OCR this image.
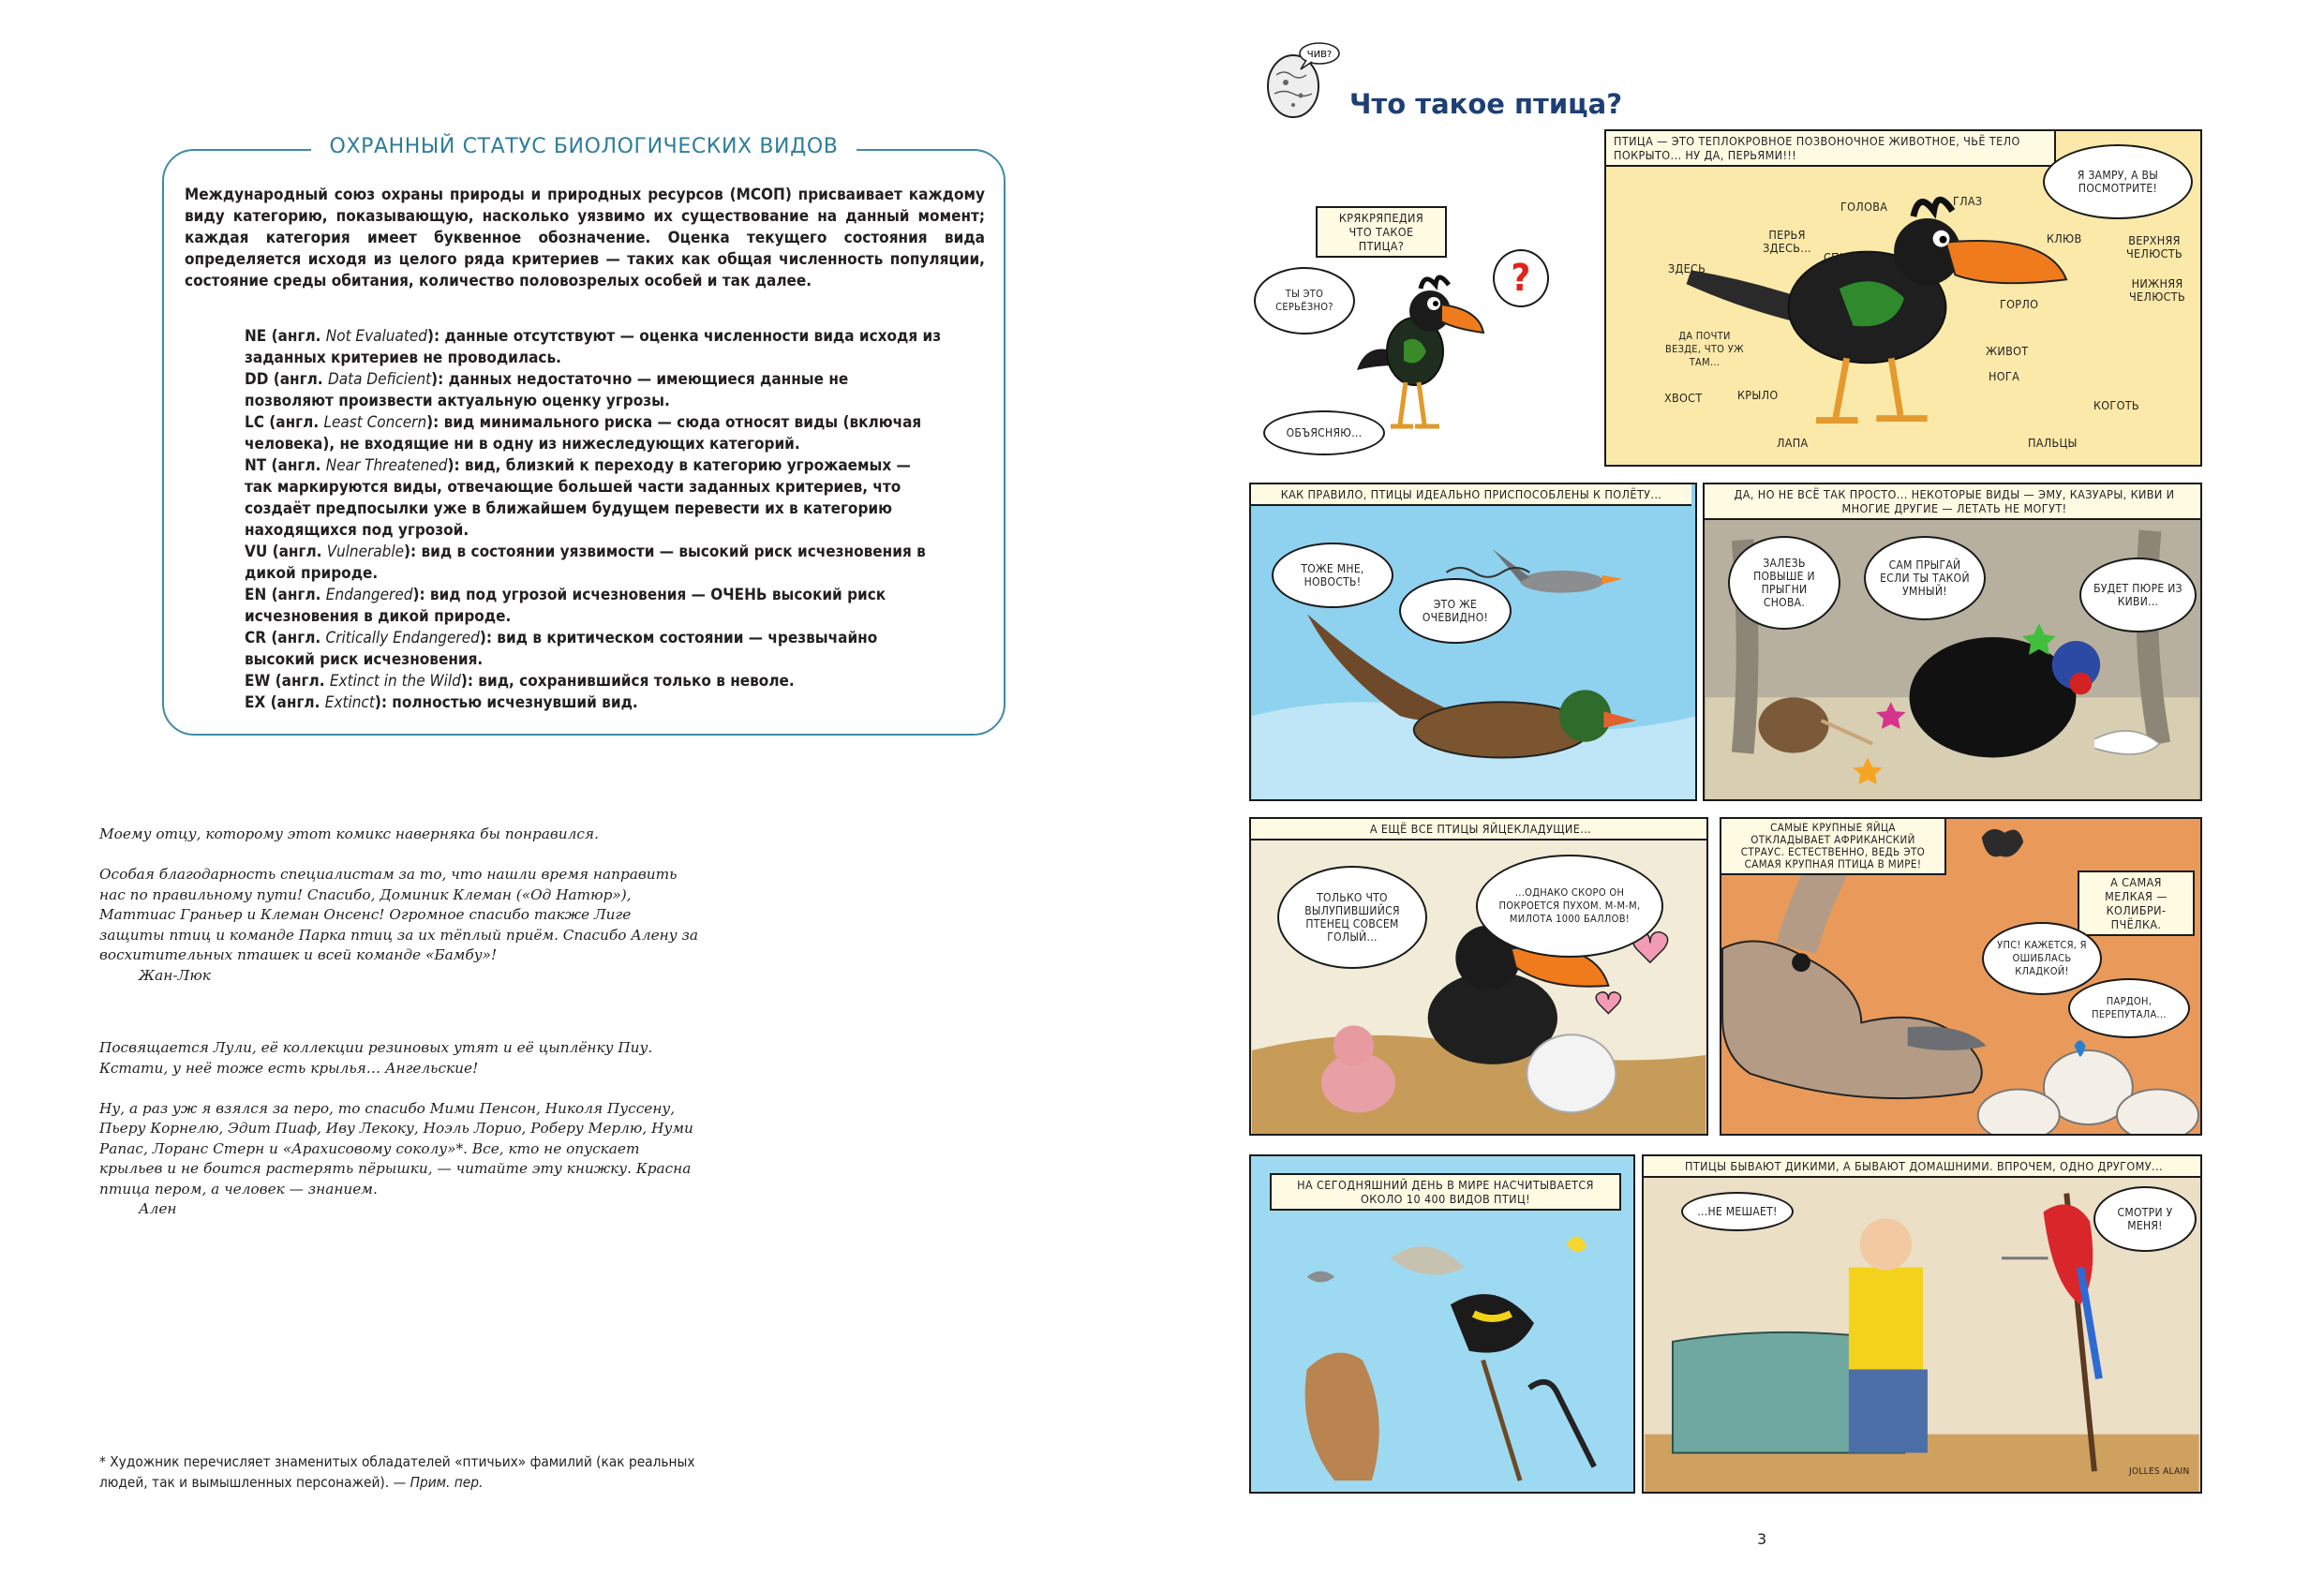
ОХРАННЫЙ СТАТУС БИОЛОГИЧЕСКИХ ВИДОВ

Международный союз охраны природы и природных ресурсов (МСОП) присваивает каждому виду категорию, показывающую, насколько уязвимо их существование на данный момент; каждая категория имеет буквенное обозначение. Оценка текущего состояния вида определяется исходя из целого ряда критериев — таких как общая численность популяции, состояние среды обитания, количество половозрелых особей и так далее.

NE (англ. Not Evaluated): данные отсутствуют — оценка численности вида исходя из заданных критериев не проводилась.
DD (англ. Data Deficient): данных недостаточно — имеющиеся данные не позволяют произвести актуальную оценку угрозы.
LC (англ. Least Concern): вид минимального риска — сюда относят виды (включая человека), не входящие ни в одну из нижеследующих категорий.
NT (англ. Near Threatened): вид, близкий к переходу в категорию угрожаемых — так маркируются виды, отвечающие большей части заданных критериев, что создаёт предпосылки уже в ближайшем будущем перевести их в категорию находящихся под угрозой.
VU (англ. Vulnerable): вид в состоянии уязвимости — высокий риск исчезновения в дикой природе.
EN (англ. Endangered): вид под угрозой исчезновения — ОЧЕНЬ высокий риск исчезновения в дикой природе.
CR (англ. Critically Endangered): вид в критическом состоянии — чрезвычайно высокий риск исчезновения.
EW (англ. Extinct in the Wild): вид, сохранившийся только в неволе.
EX (англ. Extinct): полностью исчезнувший вид.
Моему отцу, которому этот комикс наверняка бы понравился.

Особая благодарность специалистам за то, что нашли время направить нас по правильному пути! Спасибо, Доминик Клеман («Од Натюр»), Маттиас Граньер и Клеман Онсенс! Огромное спасибо также Лиге защиты птиц и команде Парка птиц за их тёплый приём. Спасибо Алену за восхитительных пташек и всей команде «Бамбу»!
Жан-Люк
Посвящается Лули, её коллекции резиновых утят и её цыплёнку Пиу. Кстати, у неё тоже есть крылья… Ангельские!

Ну, а раз уж я взялся за перо, то спасибо Мими Пенсон, Николя Пуссену, Пьеру Корнелю, Эдит Пиаф, Иву Лекоку, Ноэль Лорио, Роберу Мерлю, Нуми Рапас, Лоранс Стерн и «Арахисовому соколу»*. Все, кто не опускает крыльев и не боится растерять пёрышки, — читайте эту книжку. Красна птица пером, а человек — знанием.
Ален

* Художник перечисляет знаменитых обладателей «птичьих» фамилий (как реальных людей, так и вымышленных персонажей). — Прим. пер.

ЧИВ?
Что такое птица?
КРЯКРЯПЕДИЯ
ЧТО ТАКОЕ ПТИЦА?
ТЫ ЭТО СЕРЬЁЗНО?
?
ОБЪЯСНЯЮ...
ПТИЦА — ЭТО ТЕПЛОКРОВНОЕ ПОЗВОНОЧНОЕ ЖИВОТНОЕ, ЧЬЁ ТЕЛО ПОКРЫТО... НУ ДА, ПЕРЬЯМИ!!!
Я ЗАМРУ, А ВЫ ПОСМОТРИТЕ!
ГОЛОВА	ГЛАЗ
ПЕРЬЯ ЗДЕСЬ...
СПИНА
ЗДЕСЬ
ДА ПОЧТИ ВЕЗДЕ, ЧТО УЖ ТАМ...
КЛЮВ	ВЕРХНЯЯ ЧЕЛЮСТЬ
НИЖНЯЯ ЧЕЛЮСТЬ
ГОРЛО
ЖИВОТ
ХВОСТ	КРЫЛО
НОГА
КОГОТЬ
ЛАПА	ПАЛЬЦЫ
КАК ПРАВИЛО, ПТИЦЫ ИДЕАЛЬНО ПРИСПОСОБЛЕНЫ К ПОЛЁТУ...
ТОЖЕ МНЕ, НОВОСТЬ!
ЭТО ЖЕ ОЧЕВИДНО!
ДА, НО НЕ ВСЁ ТАК ПРОСТО... НЕКОТОРЫЕ ВИДЫ — ЭМУ, КАЗУАРЫ, КИВИ И МНОГИЕ ДРУГИЕ — ЛЕТАТЬ НЕ МОГУТ!
ЗАЛЕЗЬ ПОВЫШЕ И ПРЫГНИ СНОВА.
САМ ПРЫГАЙ ЕСЛИ ТЫ ТАКОЙ УМНЫЙ!	БУДЕТ ПЮРЕ ИЗ КИВИ...
А ЕЩЁ ВСЕ ПТИЦЫ ЯЙЦЕКЛАДУЩИЕ...
ТОЛЬКО ЧТО ВЫЛУПИВШИЙСЯ ПТЕНЕЦ СОВСЕМ ГОЛЫЙ...
...ОДНАКО СКОРО ОН ПОКРОЕТСЯ ПУХОМ. М-М-М, МИЛОТА 1000 БАЛЛОВ!
САМЫЕ КРУПНЫЕ ЯЙЦА ОТКЛАДЫВАЕТ АФРИКАНСКИЙ СТРАУС. ЕСТЕСТВЕННО, ВЕДЬ ЭТО САМАЯ КРУПНАЯ ПТИЦА В МИРЕ!
А САМАЯ МЕЛКАЯ — КОЛИБРИ-ПЧЁЛКА.
УПС! КАЖЕТСЯ, Я ОШИБЛАСЬ КЛАДКОЙ!
ПАРДОН, ПЕРЕПУТАЛА...
НА СЕГОДНЯШНИЙ ДЕНЬ В МИРЕ НАСЧИТЫВАЕТСЯ ОКОЛО 10 400 ВИДОВ ПТИЦ!
ПТИЦЫ БЫВАЮТ ДИКИМИ, А БЫВАЮТ ДОМАШНИМИ. ВПРОЧЕМ, ОДНО ДРУГОМУ...
...НЕ МЕШАЕТ!	СМОТРИ У МЕНЯ!
JOLLES ALAIN

3
